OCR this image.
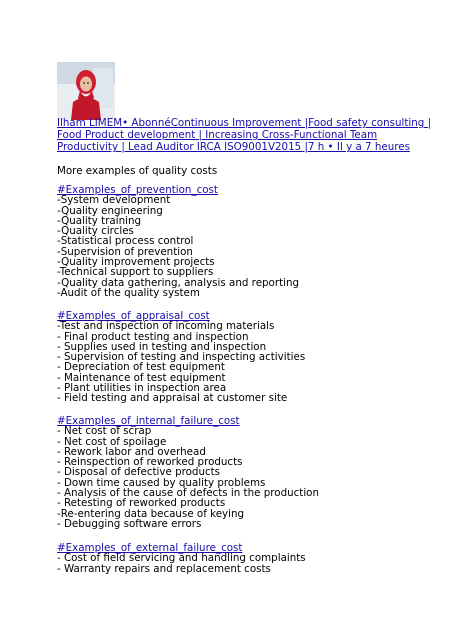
Ilham LIMEM• AbonnéContinuous Improvement |Food safety consulting | Food Product development | Increasing Cross-Functional Team Productivity | Lead Auditor IRCA ISO9001V2015 |7 h • Il y a 7 heures
More examples of quality costs
#Examples_of_prevention_cost
-System development
-Quality engineering
-Quality training
-Quality circles
-Statistical process control
-Supervision of prevention
-Quality improvement projects
-Technical support to suppliers
-Quality data gathering, analysis and reporting
-Audit of the quality system
#Examples_of_appraisal_cost
-Test and inspection of incoming materials
- Final product testing and inspection
- Supplies used in testing and inspection
- Supervision of testing and inspecting activities
- Depreciation of test equipment
- Maintenance of test equipment
- Plant utilities in inspection area
- Field testing and appraisal at customer site
#Examples_of_internal_failure_cost
- Net cost of scrap
- Net cost of spoilage
- Rework labor and overhead
- Reinspection of reworked products
- Disposal of defective products
- Down time caused by quality problems
- Analysis of the cause of defects in the production
- Retesting of reworked products
-Re-entering data because of keying
- Debugging software errors
#Examples_of_external_failure_cost
- Cost of field servicing and handling complaints
- Warranty repairs and replacement costs
